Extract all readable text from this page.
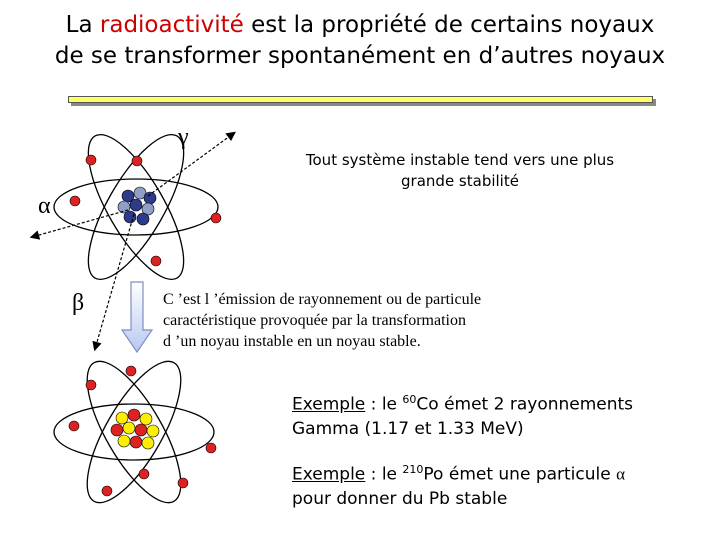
La radioactivité est la propriété de certains noyaux
de se transformer spontanément en d’autres noyaux
γ
α
β
Tout système instable tend vers une plus
grande stabilité
C ’est l ’émission de rayonnement ou de particule
caractéristique provoquée par la transformation
d ’un noyau instable en un noyau stable.
Exemple : le $^{60}$Co émet 2 rayonnements
Gamma (1.17 et 1.33 MeV)
Exemple : le $^{210}$Po émet une particule α
pour donner du Pb stable
